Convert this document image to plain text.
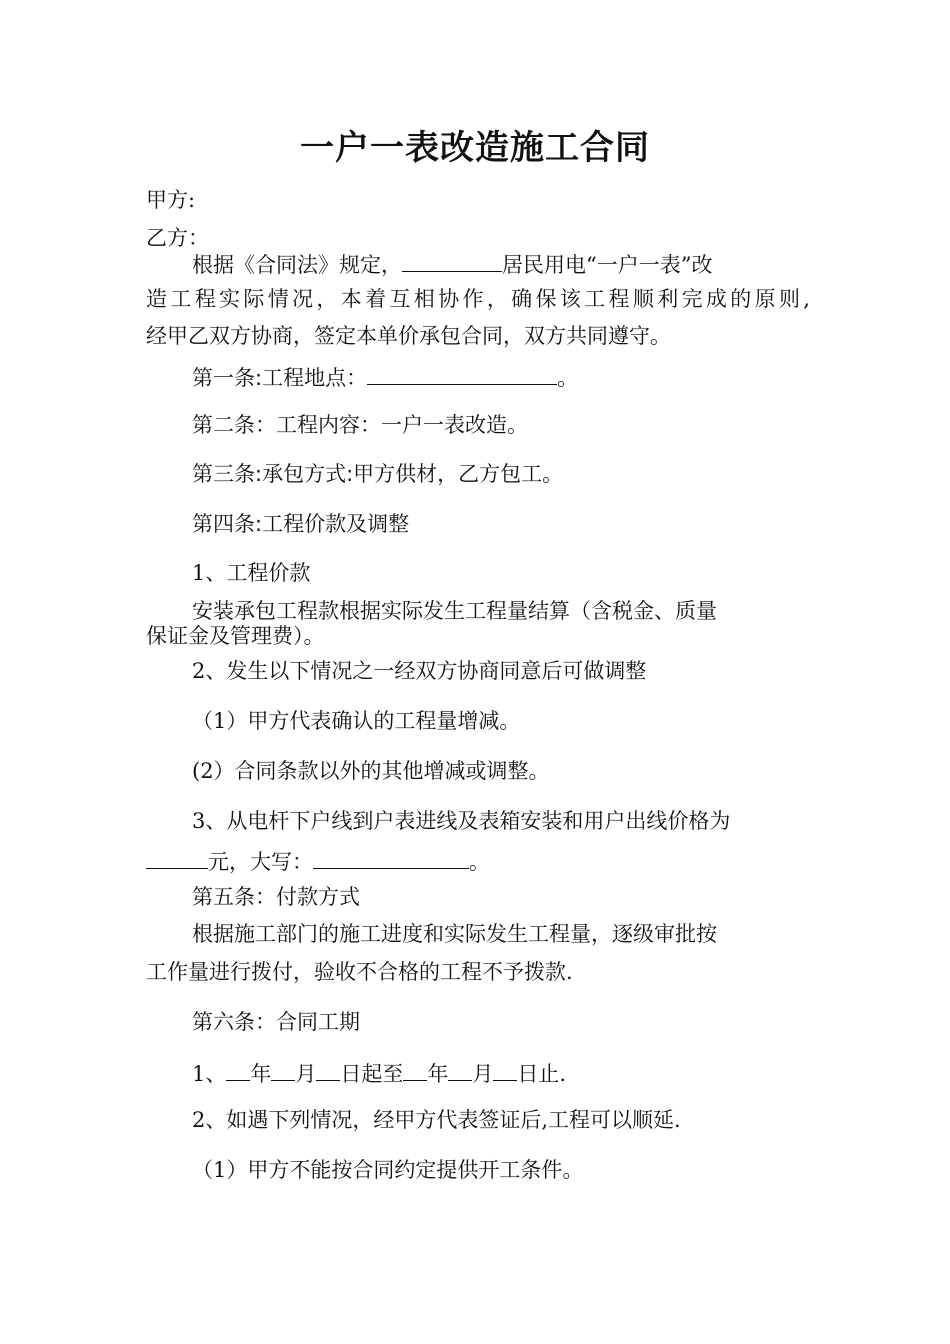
一户一表改造施工合同
甲方:
乙方：
根据《合同法》规定，	居民用电“一户一表”改
造工程实际情况，本着互相协作，确保该工程顺利完成的原则,
经甲乙双方协商，签定本单价承包合同，双方共同遵守。
第一条:工程地点：	。
第二条：工程内容：一户一表改造。
第三条:承包方式:甲方供材，乙方包工。
第四条:工程价款及调整
1、工程价款
安装承包工程款根据实际发生工程量结算（含税金、质量
保证金及管理费）。
2、发生以下情况之一经双方协商同意后可做调整
（1）甲方代表确认的工程量增减。
(2）合同条款以外的其他增减或调整。
3、从电杆下户线到户表进线及表箱安装和用户出线价格为
元，大写：	。
第五条：付款方式
根据施工部门的施工进度和实际发生工程量，逐级审批按
工作量进行拨付，验收不合格的工程不予拨款.
第六条：合同工期
1、 年 月 日起至 年 月 日止.
2、如遇下列情况，经甲方代表签证后,工程可以顺延.
（1）甲方不能按合同约定提供开工条件。
